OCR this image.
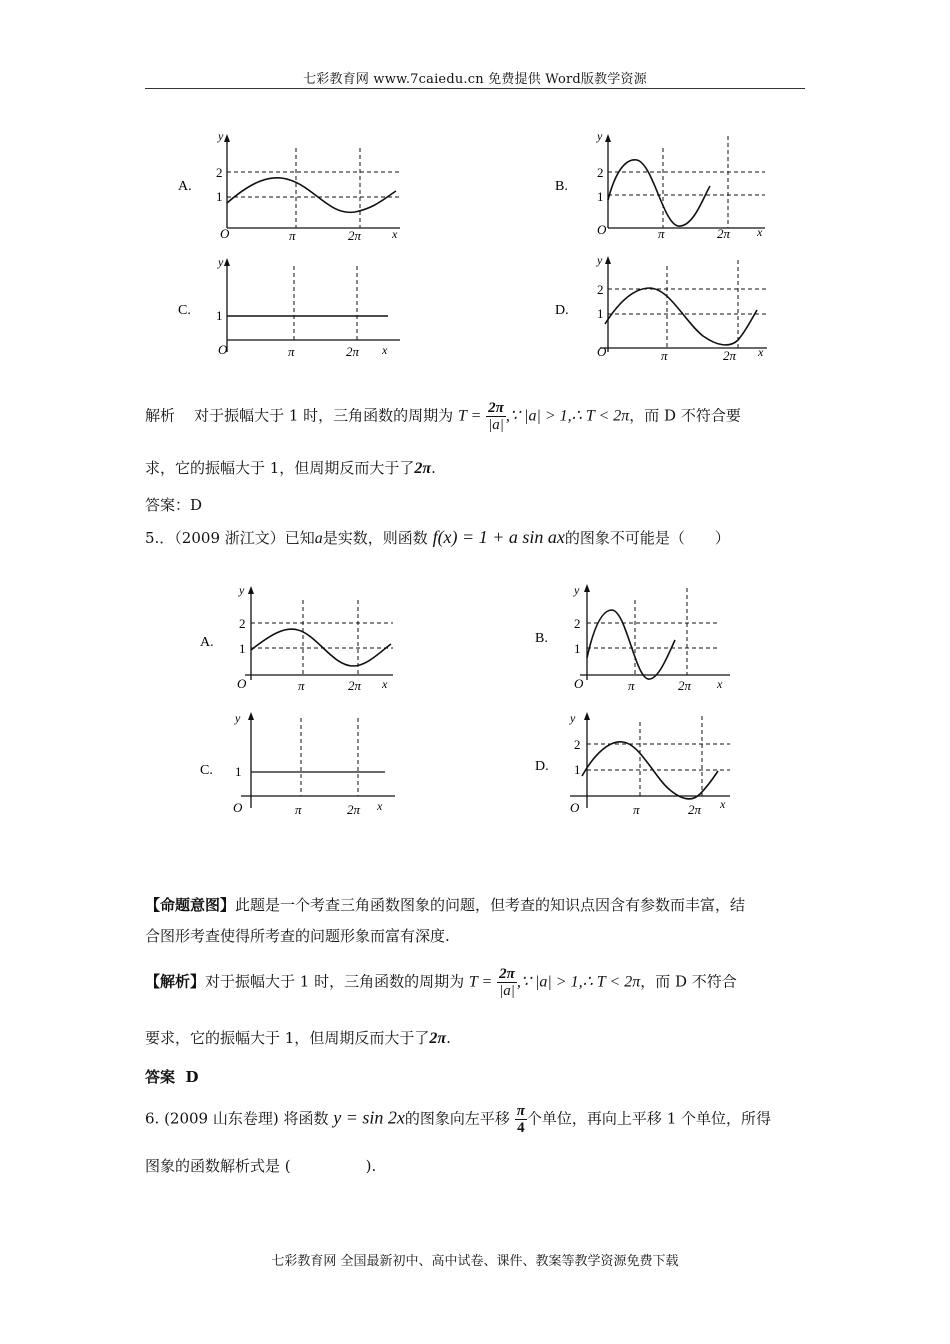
七彩教育网 www.7caiedu.cn 免费提供 Word版教学资源
A.
y
x
O
2
1
π	2π
B.
y
x
O
2
1
π	2π
C.
y
x
O
1
π	2π
D.
y
x
O
2
1
π	2π
解析 对于振幅大于 1 时，三角函数的周期为 $T = \frac{2\pi}{|a|}$ ,∵ |a| > 1,∴ T < 2π，而 D 不符合要
求，它的振幅大于 1，但周期反而大于了2π.
答案：D
5.．（2009 浙江文）已知a是实数，则函数 f(x) = 1 + a sin ax的图象不可能是（　　）
A.
y
x
O
2
1
π	2π
B.
y
x
O
2
1
π	2π
C.
y
x
O
1
π	2π
D.
y
x
O
2
1
π	2π
【命题意图】此题是一个考查三角函数图象的问题，但考查的知识点因含有参数而丰富，结
合图形考查使得所考查的问题形象而富有深度.
【解析】对于振幅大于 1 时，三角函数的周期为 $T = \frac{2\pi}{|a|}$ ,∵ |a| > 1,∴ T < 2π，而 D 不符合
要求，它的振幅大于 1，但周期反而大于了2π.
答案 D
6. (2009 山东卷理) 将函数 y = sin 2x的图象向左平移 $\frac{\pi}{4}$ 个单位，再向上平移 1 个单位，所得
图象的函数解析式是 (　　　　　).
七彩教育网 全国最新初中、高中试卷、课件、教案等教学资源免费下载
